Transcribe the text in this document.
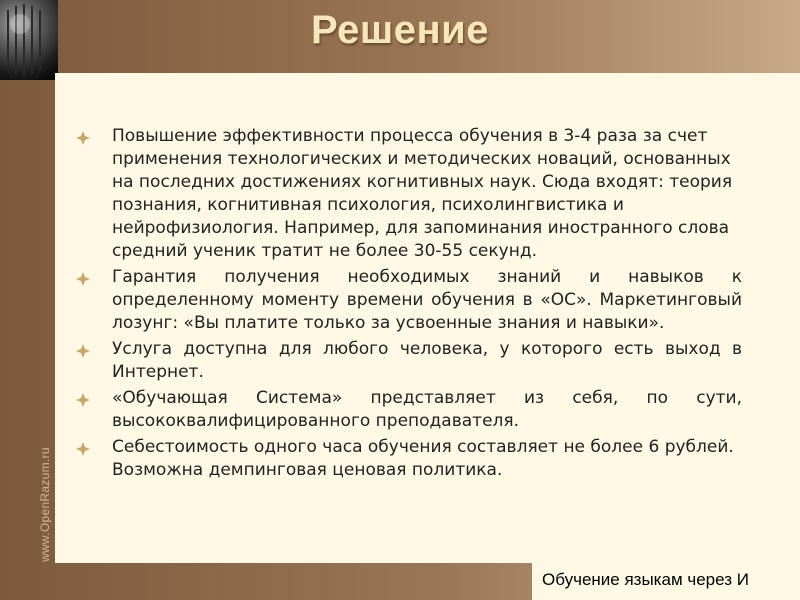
Решение
Повышение эффективности процесса обучения в 3-4 раза за счет применения технологических и методических новаций, основанных на последних достижениях когнитивных наук. Сюда входят: теория познания, когнитивная психология, психолингвистика и нейрофизиология. Например, для запоминания иностранного слова средний ученик тратит не более 30-55 секунд.
Гарантия получения необходимых знаний и навыков к определенному моменту времени обучения в «ОС». Маркетинговый лозунг: «Вы платите только за усвоенные знания и навыки».
Услуга доступна для любого человека, у которого есть выход в Интернет.
«Обучающая Система» представляет из себя, по сути, высококвалифицированного преподавателя.
Себестоимость одного часа обучения составляет не более 6 рублей. Возможна демпинговая ценовая политика.
Обучение языкам через И
www.OpenRazum.ru
